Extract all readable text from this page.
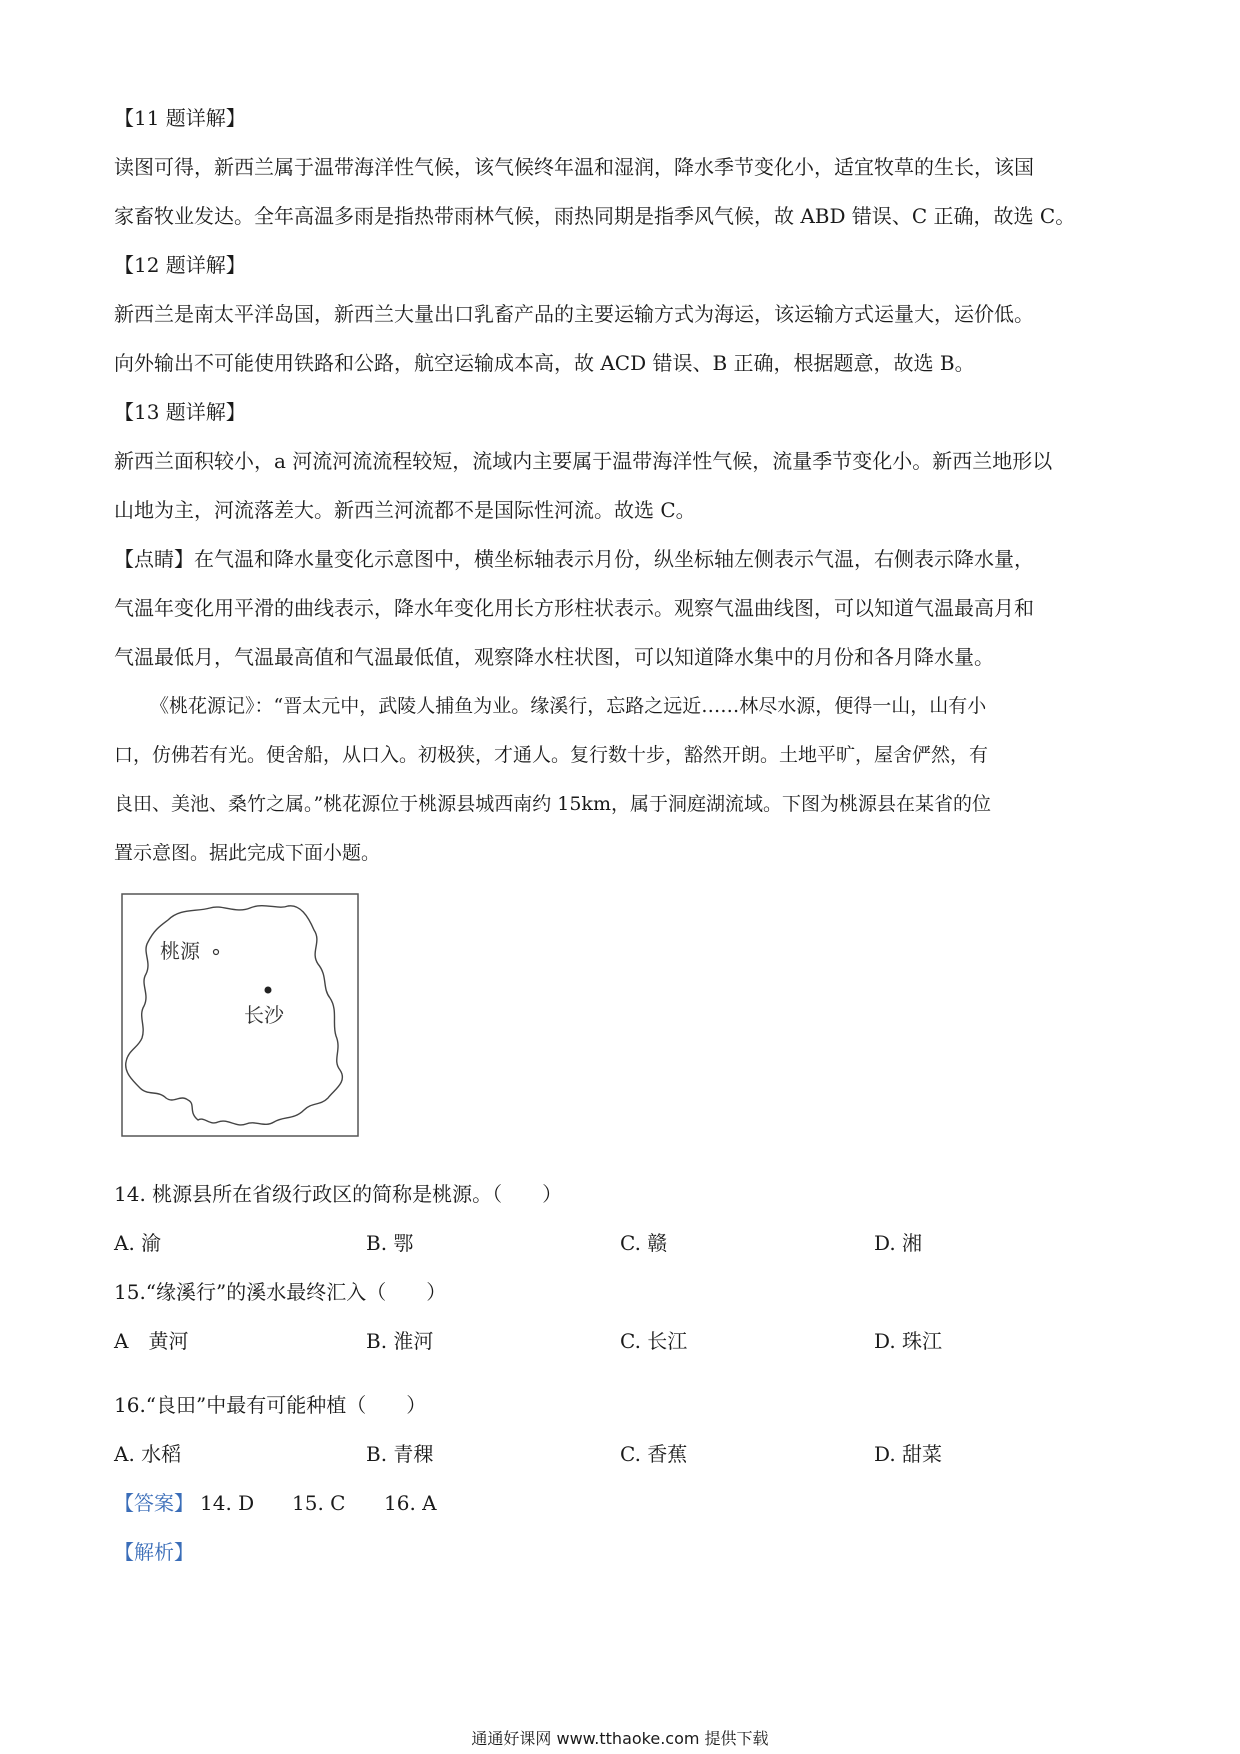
【11 题详解】
读图可得，新西兰属于温带海洋性气候，该气候终年温和湿润，降水季节变化小，适宜牧草的生长，该国
家畜牧业发达。全年高温多雨是指热带雨林气候，雨热同期是指季风气候，故 ABD 错误、C 正确，故选 C。
【12 题详解】
新西兰是南太平洋岛国，新西兰大量出口乳畜产品的主要运输方式为海运，该运输方式运量大，运价低。
向外输出不可能使用铁路和公路，航空运输成本高，故 ACD 错误、B 正确，根据题意，故选 B。
【13 题详解】
新西兰面积较小，a 河流河流流程较短，流域内主要属于温带海洋性气候，流量季节变化小。新西兰地形以
山地为主，河流落差大。新西兰河流都不是国际性河流。故选 C。
【点睛】在气温和降水量变化示意图中，横坐标轴表示月份，纵坐标轴左侧表示气温，右侧表示降水量，
气温年变化用平滑的曲线表示，降水年变化用长方形柱状表示。观察气温曲线图，可以知道气温最高月和
气温最低月，气温最高值和气温最低值，观察降水柱状图，可以知道降水集中的月份和各月降水量。
《桃花源记》：“晋太元中，武陵人捕鱼为业。缘溪行，忘路之远近……林尽水源，便得一山，山有小
口，仿佛若有光。便舍船，从口入。初极狭，才通人。复行数十步，豁然开朗。土地平旷，屋舍俨然，有
良田、美池、桑竹之属。”桃花源位于桃源县城西南约 15km，属于洞庭湖流域。下图为桃源县在某省的位
置示意图。据此完成下面小题。
桃源
长沙
14. 桃源县所在省级行政区的简称是桃源。（　　）
A. 渝	B. 鄂	C. 赣	D. 湘
15.“缘溪行”的溪水最终汇入（　　）
A　黄河	B. 淮河	C. 长江	D. 珠江
16.“良田”中最有可能种植（　　）
A. 水稻	B. 青稞	C. 香蕉	D. 甜菜
【答案】 14. D 15. C 16. A
【解析】
通通好课网 www.tthaoke.com 提供下载
